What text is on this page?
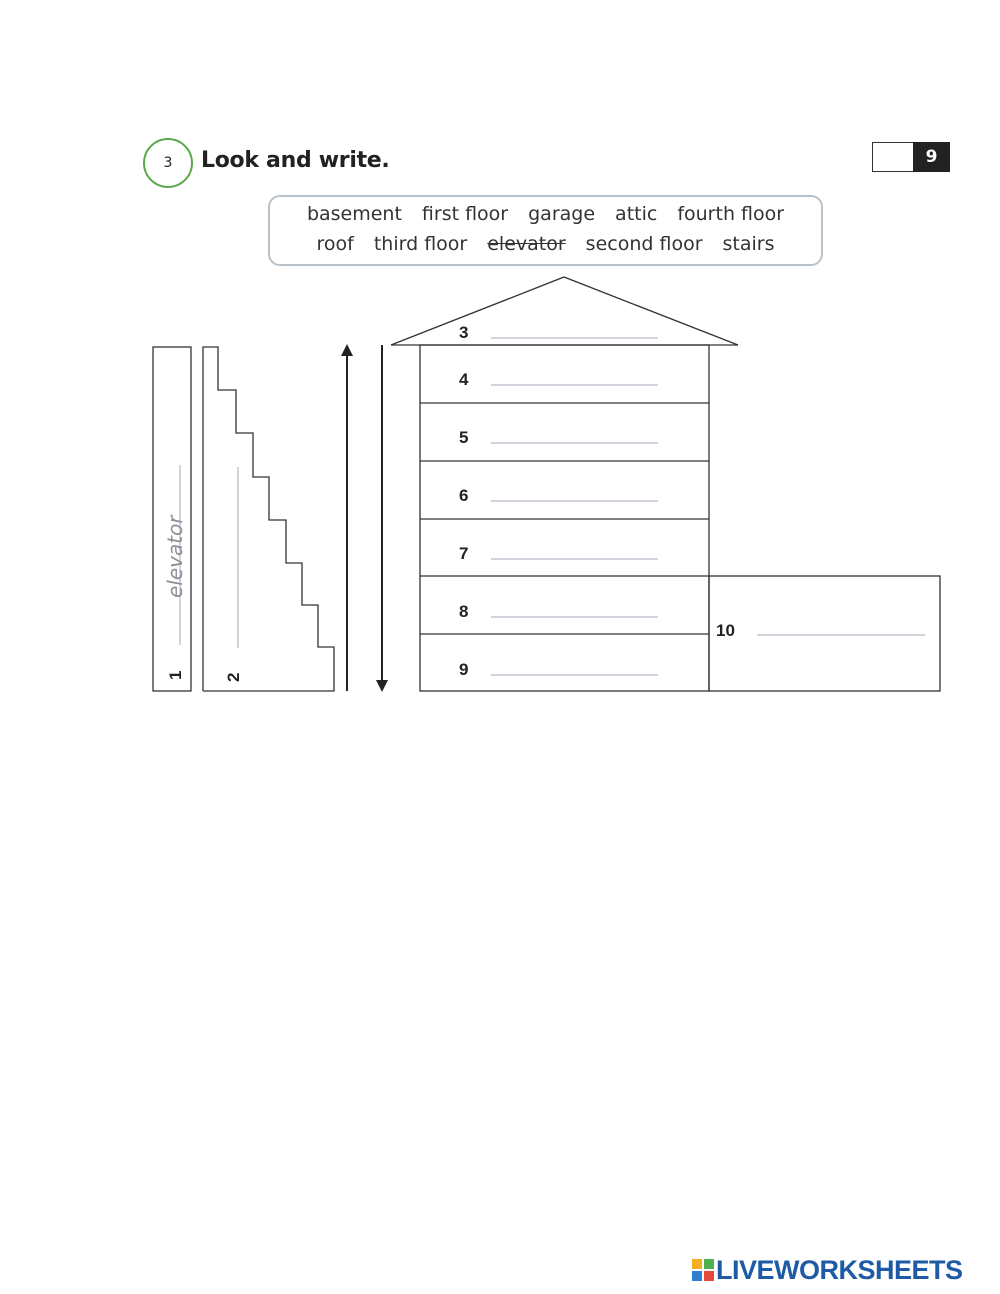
3 Look and write.	9
basement first floor garage attic fourth floor
roof third floor elevator second floor stairs
elevator
1 2
3
4
5
6
7
8
9
10
LIVEWORKSHEETS
